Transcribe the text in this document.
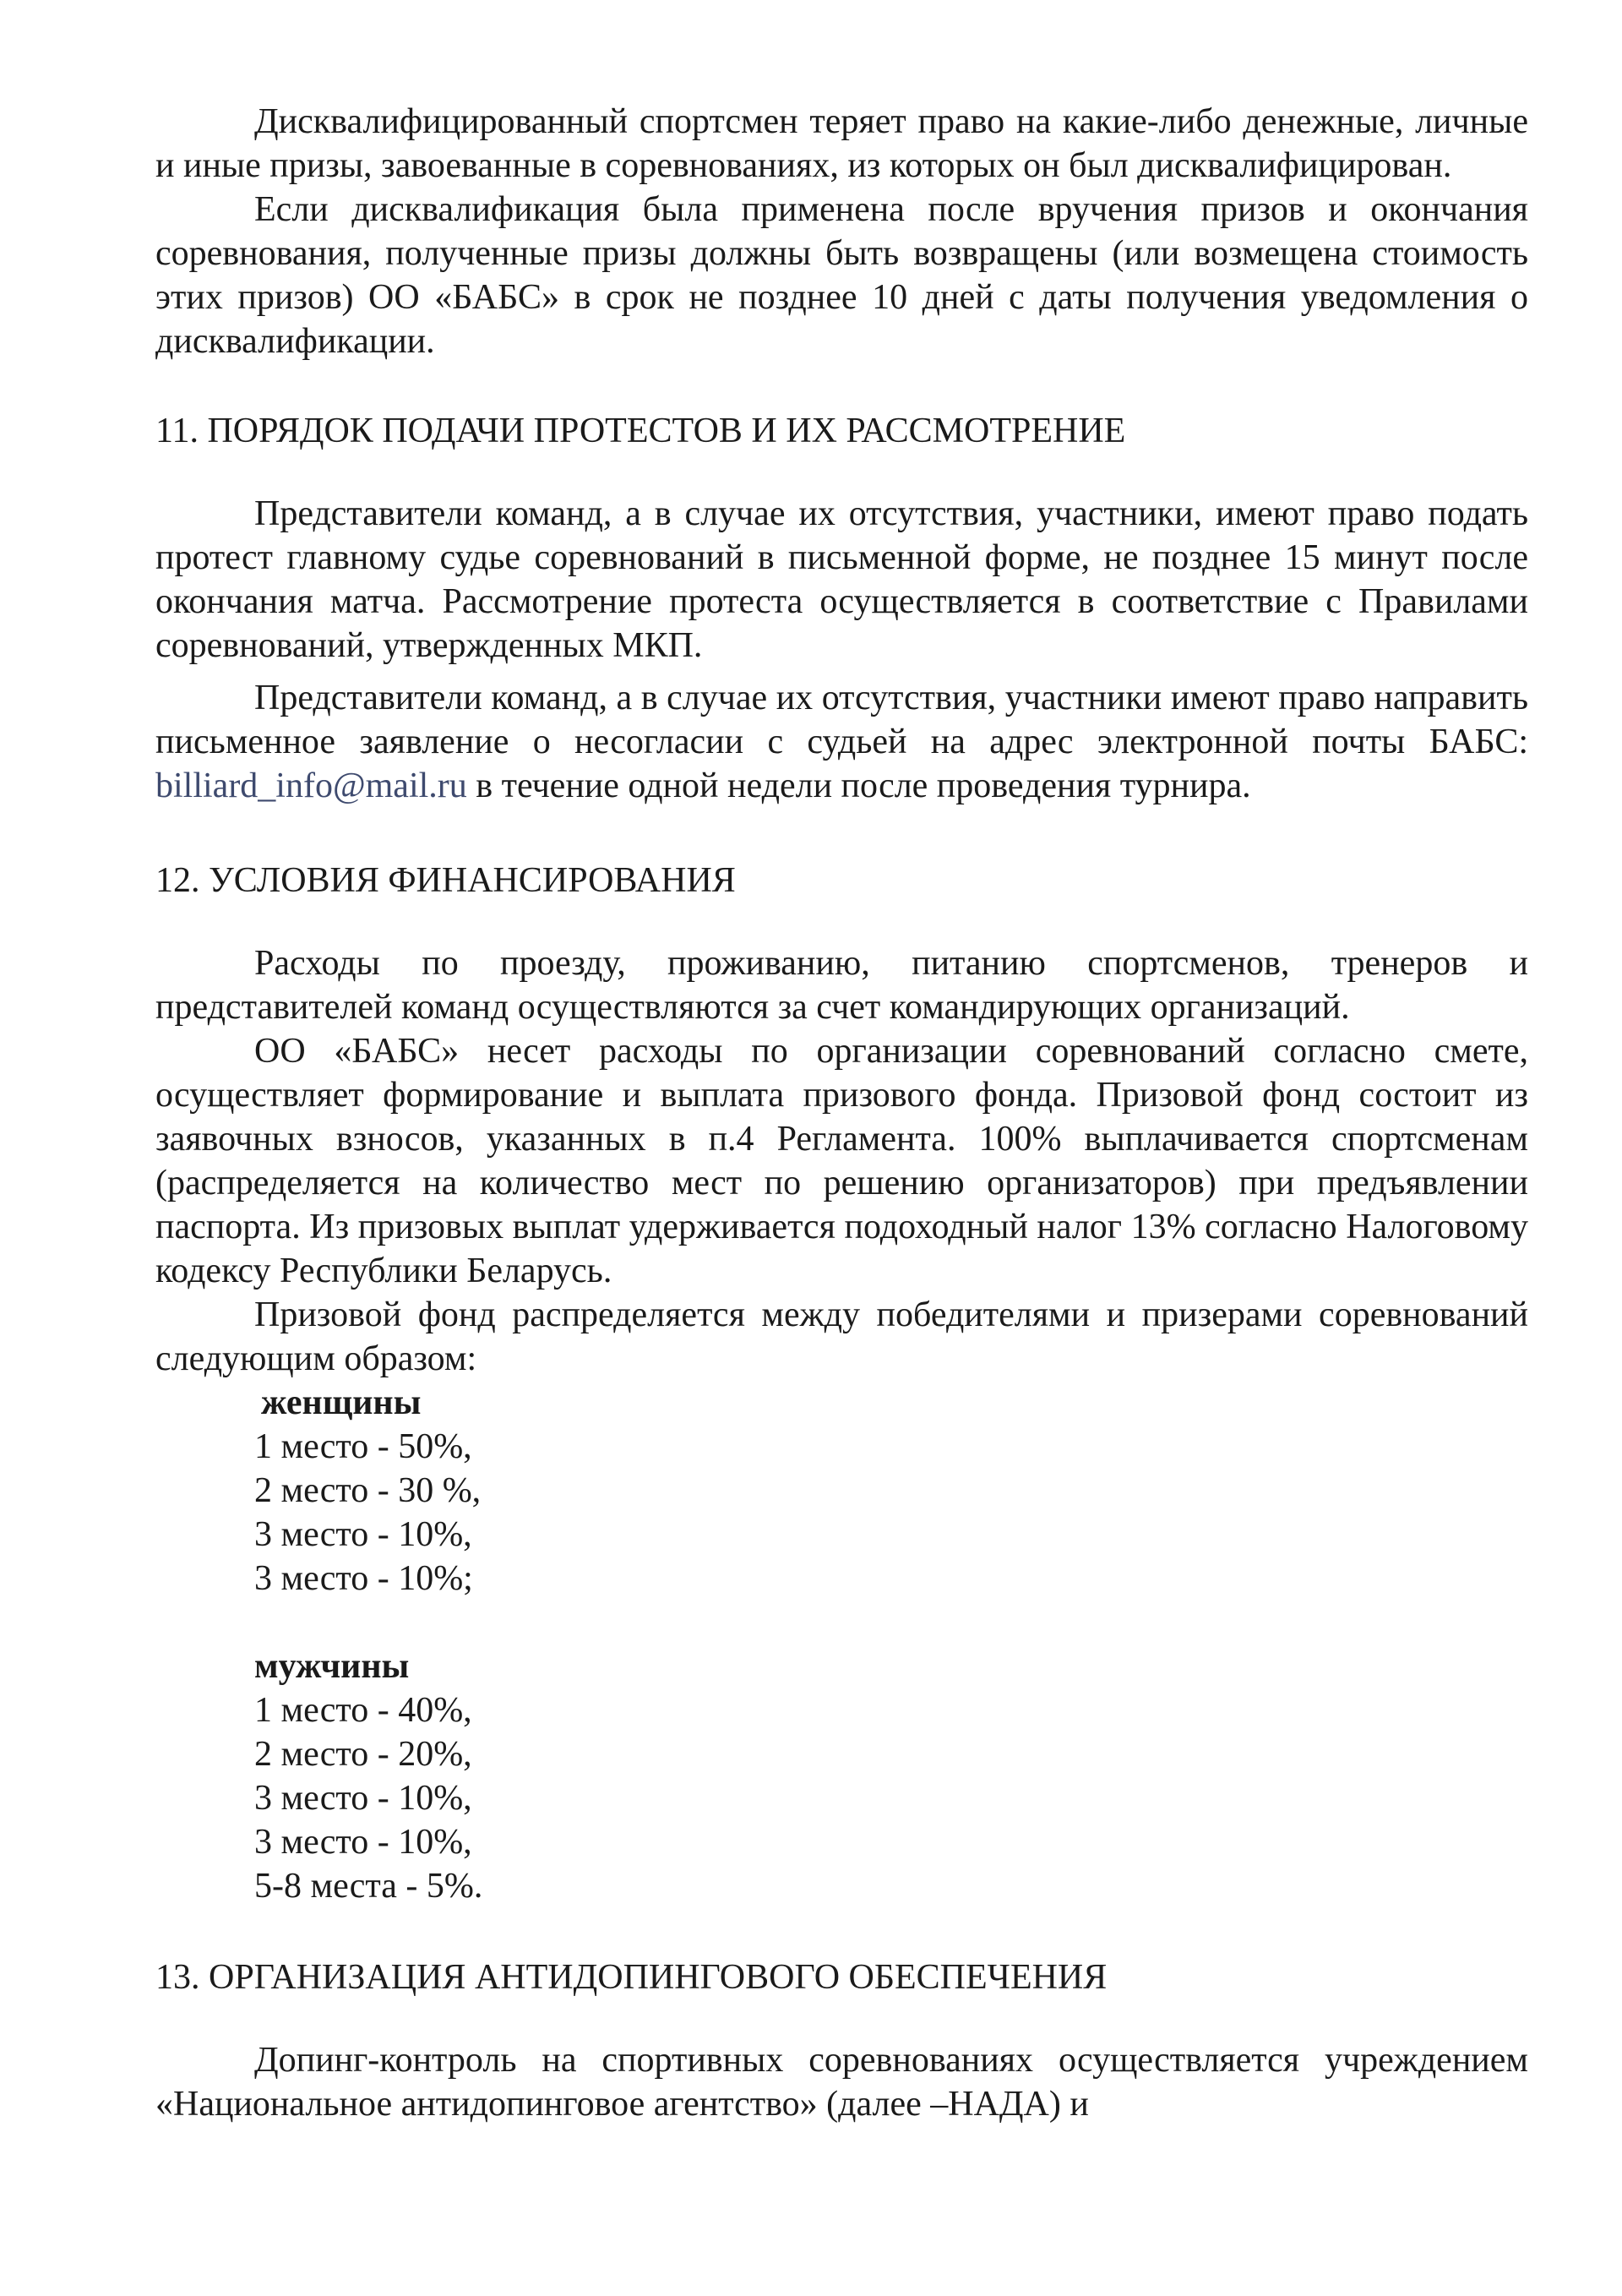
Дисквалифицированный спортсмен теряет право на какие-либо денежные, личные и иные призы, завоеванные в соревнованиях, из которых он был дисквалифицирован.

Если дисквалификация была применена после вручения призов и окончания соревнования, полученные призы должны быть возвращены (или возмещена стоимость этих призов) ОО «БАБС» в срок не позднее 10 дней с даты получения уведомления о дисквалификации.

11. ПОРЯДОК ПОДАЧИ ПРОТЕСТОВ И ИХ РАССМОТРЕНИЕ

Представители команд, а в случае их отсутствия, участники, имеют право подать протест главному судье соревнований в письменной форме, не позднее 15 минут после окончания матча. Рассмотрение протеста осуществляется в соответствие с Правилами соревнований, утвержденных МКП.

Представители команд, а в случае их отсутствия, участники имеют право направить письменное заявление о несогласии с судьей на адрес электронной почты БАБС: billiard_info@mail.ru в течение одной недели после проведения турнира.

12. УСЛОВИЯ ФИНАНСИРОВАНИЯ

Расходы по проезду, проживанию, питанию спортсменов, тренеров и представителей команд осуществляются за счет командирующих организаций.

ОО «БАБС» несет расходы по организации соревнований согласно смете, осуществляет формирование и выплата призового фонда. Призовой фонд состоит из заявочных взносов, указанных в п.4 Регламента. 100% выплачивается спортсменам (распределяется на количество мест по решению организаторов) при предъявлении паспорта. Из призовых выплат удерживается подоходный налог 13% согласно Налоговому кодексу Республики Беларусь.

Призовой фонд распределяется между победителями и призерами соревнований следующим образом:

женщины
1 место - 50%,
2 место - 30 %,
3 место - 10%,
3 место - 10%;
мужчины
1 место - 40%,
2 место - 20%,
3 место - 10%,
3 место - 10%,
5-8 места - 5%.

13. ОРГАНИЗАЦИЯ АНТИДОПИНГОВОГО ОБЕСПЕЧЕНИЯ

Допинг-контроль на спортивных соревнованиях осуществляется учреждением «Национальное антидопинговое агентство» (далее –НАДА) и
